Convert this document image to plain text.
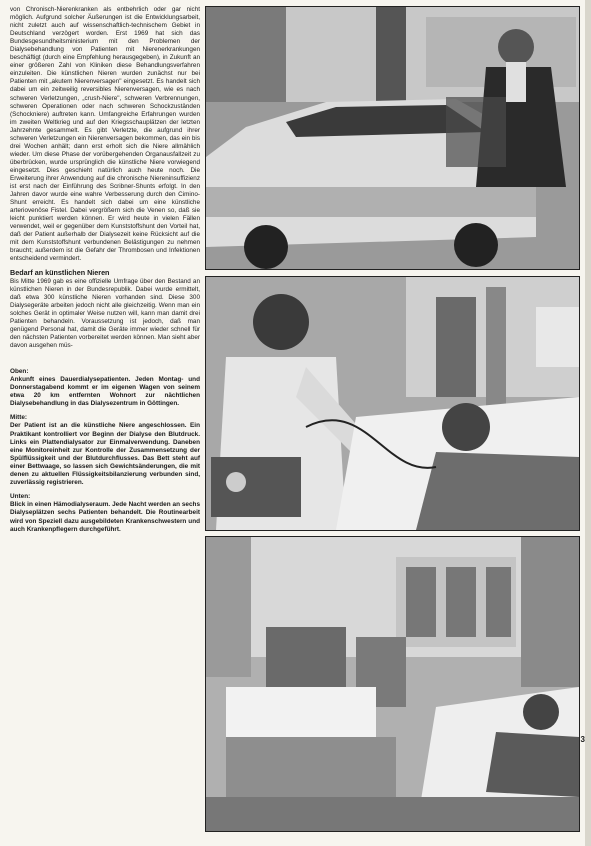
von Chronisch-Nierenkranken als entbehrlich oder gar nicht möglich. Aufgrund solcher Äußerungen ist die Entwicklungsarbeit, nicht zuletzt auch auf wissenschaftlich-technischem Gebiet in Deutschland verzögert worden. Erst 1969 hat sich das Bundesgesundheitsministerium mit den Problemen der Dialysebehandlung von Patienten mit Nierenerkrankungen beschäftigt (durch eine Empfehlung herausgegeben), in Zukunft an einer größeren Zahl von Kliniken diese Behandlungsverfahren einzuleiten. Die künstlichen Nieren wurden zunächst nur bei Patienten mit „akutem Nierenversagen" eingesetzt. Es handelt sich dabei um ein zeitweilig reversibles Nierenversagen, wie es nach schweren Verletzungen, „crush-Niere", schweren Verbrennungen, schweren Operationen oder nach schweren Schockzuständen (Schockniere) auftreten kann. Umfangreiche Erfahrungen wurden im zweiten Weltkrieg und auf den Kriegsschauplätzen der letzten Jahrzehnte gesammelt. Es gibt Verletzte, die aufgrund ihrer schweren Verletzungen ein Nierenversagen bekommen, das ein bis drei Wochen anhält; dann erst erholt sich die Niere allmählich wieder. Um diese Phase der vorübergehenden Organausfallzeit zu überbrücken, wurde ursprünglich die künstliche Niere vorwiegend eingesetzt. Dies geschieht natürlich auch heute noch. Die Erweiterung ihrer Anwendung auf die chronische Niereninsuffizienz ist erst nach der Einführung des Scribner-Shunts erfolgt. In den Jahren davor wurde eine wahre Verbesserung durch den Cimino-Shunt erreicht. Es handelt sich dabei um eine künstliche arteriovenöse Fistel. Dabei vergrößern sich die Venen so, daß sie leicht punktiert werden können. Er wird heute in vielen Fällen verwendet, weil er gegenüber dem Kunststoffshunt den Vorteil hat, daß der Patient außerhalb der Dialysezeit keine Rücksicht auf die mit dem Kunststoffshunt verbundenen Belästigungen zu nehmen braucht; außerdem ist die Gefahr der Thrombosen und Infektionen entscheidend vermindert.

Bedarf an künstlichen Nieren

Bis Mitte 1969 gab es eine offizielle Umfrage über den Bestand an künstlichen Nieren in der Bundesrepublik. Dabei wurde ermittelt, daß etwa 300 künstliche Nieren vorhanden sind. Diese 300 Dialysegeräte arbeiten jedoch nicht alle gleichzeitig. Wenn man ein solches Gerät in optimaler Weise nutzen will, kann man damit drei Patienten behandeln. Voraussetzung ist jedoch, daß man genügend Personal hat, damit die Geräte immer wieder schnell für den nächsten Patienten vorbereitet werden können. Man sieht aber davon ausgehen müs-

Oben:
Ankunft eines Dauerdialysepatienten. Jeden Montag- und Donnerstagabend kommt er im eigenen Wagen von seinem etwa 20 km entfernten Wohnort zur nächtlichen Dialysebehandlung in das Dialysezentrum in Göttingen.
Mitte:
Der Patient ist an die künstliche Niere angeschlossen. Ein Praktikant kontrolliert vor Beginn der Dialyse den Blutdruck. Links ein Plattendialysator zur Einmalverwendung. Daneben eine Monitoreinheit zur Kontrolle der Zusammensetzung der Spülflüssigkeit und der Blutdurchflusses. Das Bett steht auf einer Bettwaage, so lassen sich Gewichtsänderungen, die mit denen zu aktuellen Flüssigkeitsbilanzierung verbunden sind, zuverlässig registrieren.
Unten:
Blick in einen Hämodialyseraum. Jede Nacht werden an sechs Dialyseplätzen sechs Patienten behandelt. Die Routinearbeit wird von Speziell dazu ausgebildeten Krankenschwestern und auch Krankenpflegern durchgeführt.
3
